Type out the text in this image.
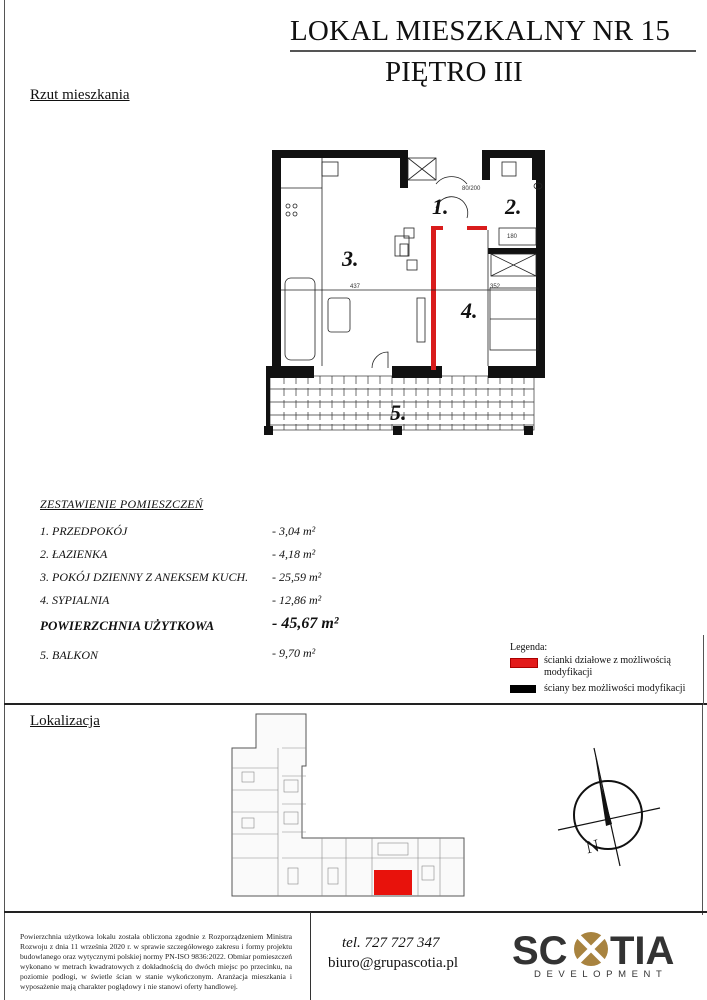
LOKAL MIESZKALNY NR 15
PIĘTRO III
Rzut mieszkania
1.	2.
3.
4.
5.
437	352
180
80/200
ZESTAWIENIE POMIESZCZEŃ
1. PRZEDPOKÓJ	- 3,04 m²
2. ŁAZIENKA	- 4,18 m²
3. POKÓJ DZIENNY Z ANEKSEM KUCH. - 25,59 m²
4. SYPIALNIA	- 12,86 m²
POWIERZCHNIA UŻYTKOWA	- 45,67 m²
5. BALKON	- 9,70 m²	Legenda:
ścianki działowe z możliwością modyfikacji
ściany bez możliwości modyfikacji
Lokalizacja
N
Powierzchnia użytkowa lokalu została obliczona zgodnie z Rozporządzeniem Ministra Rozwoju z dnia 11 września 2020 r. w sprawie szczegółowego zakresu i formy projektu budowlanego oraz wytycznymi polskiej normy PN-ISO 9836:2022. Obmiar pomieszczeń wykonano w metrach kwadratowych z dokładnością do dwóch miejsc po przecinku, na poziomie podłogi, w świetle ścian w stanie wykończonym. Aranżacja mieszkania i wyposażenie mają charakter poglądowy i nie stanowi oferty handlowej.
tel. 727 727 347
biuro@grupascotia.pl SC TIA
DEVELOPMENT
